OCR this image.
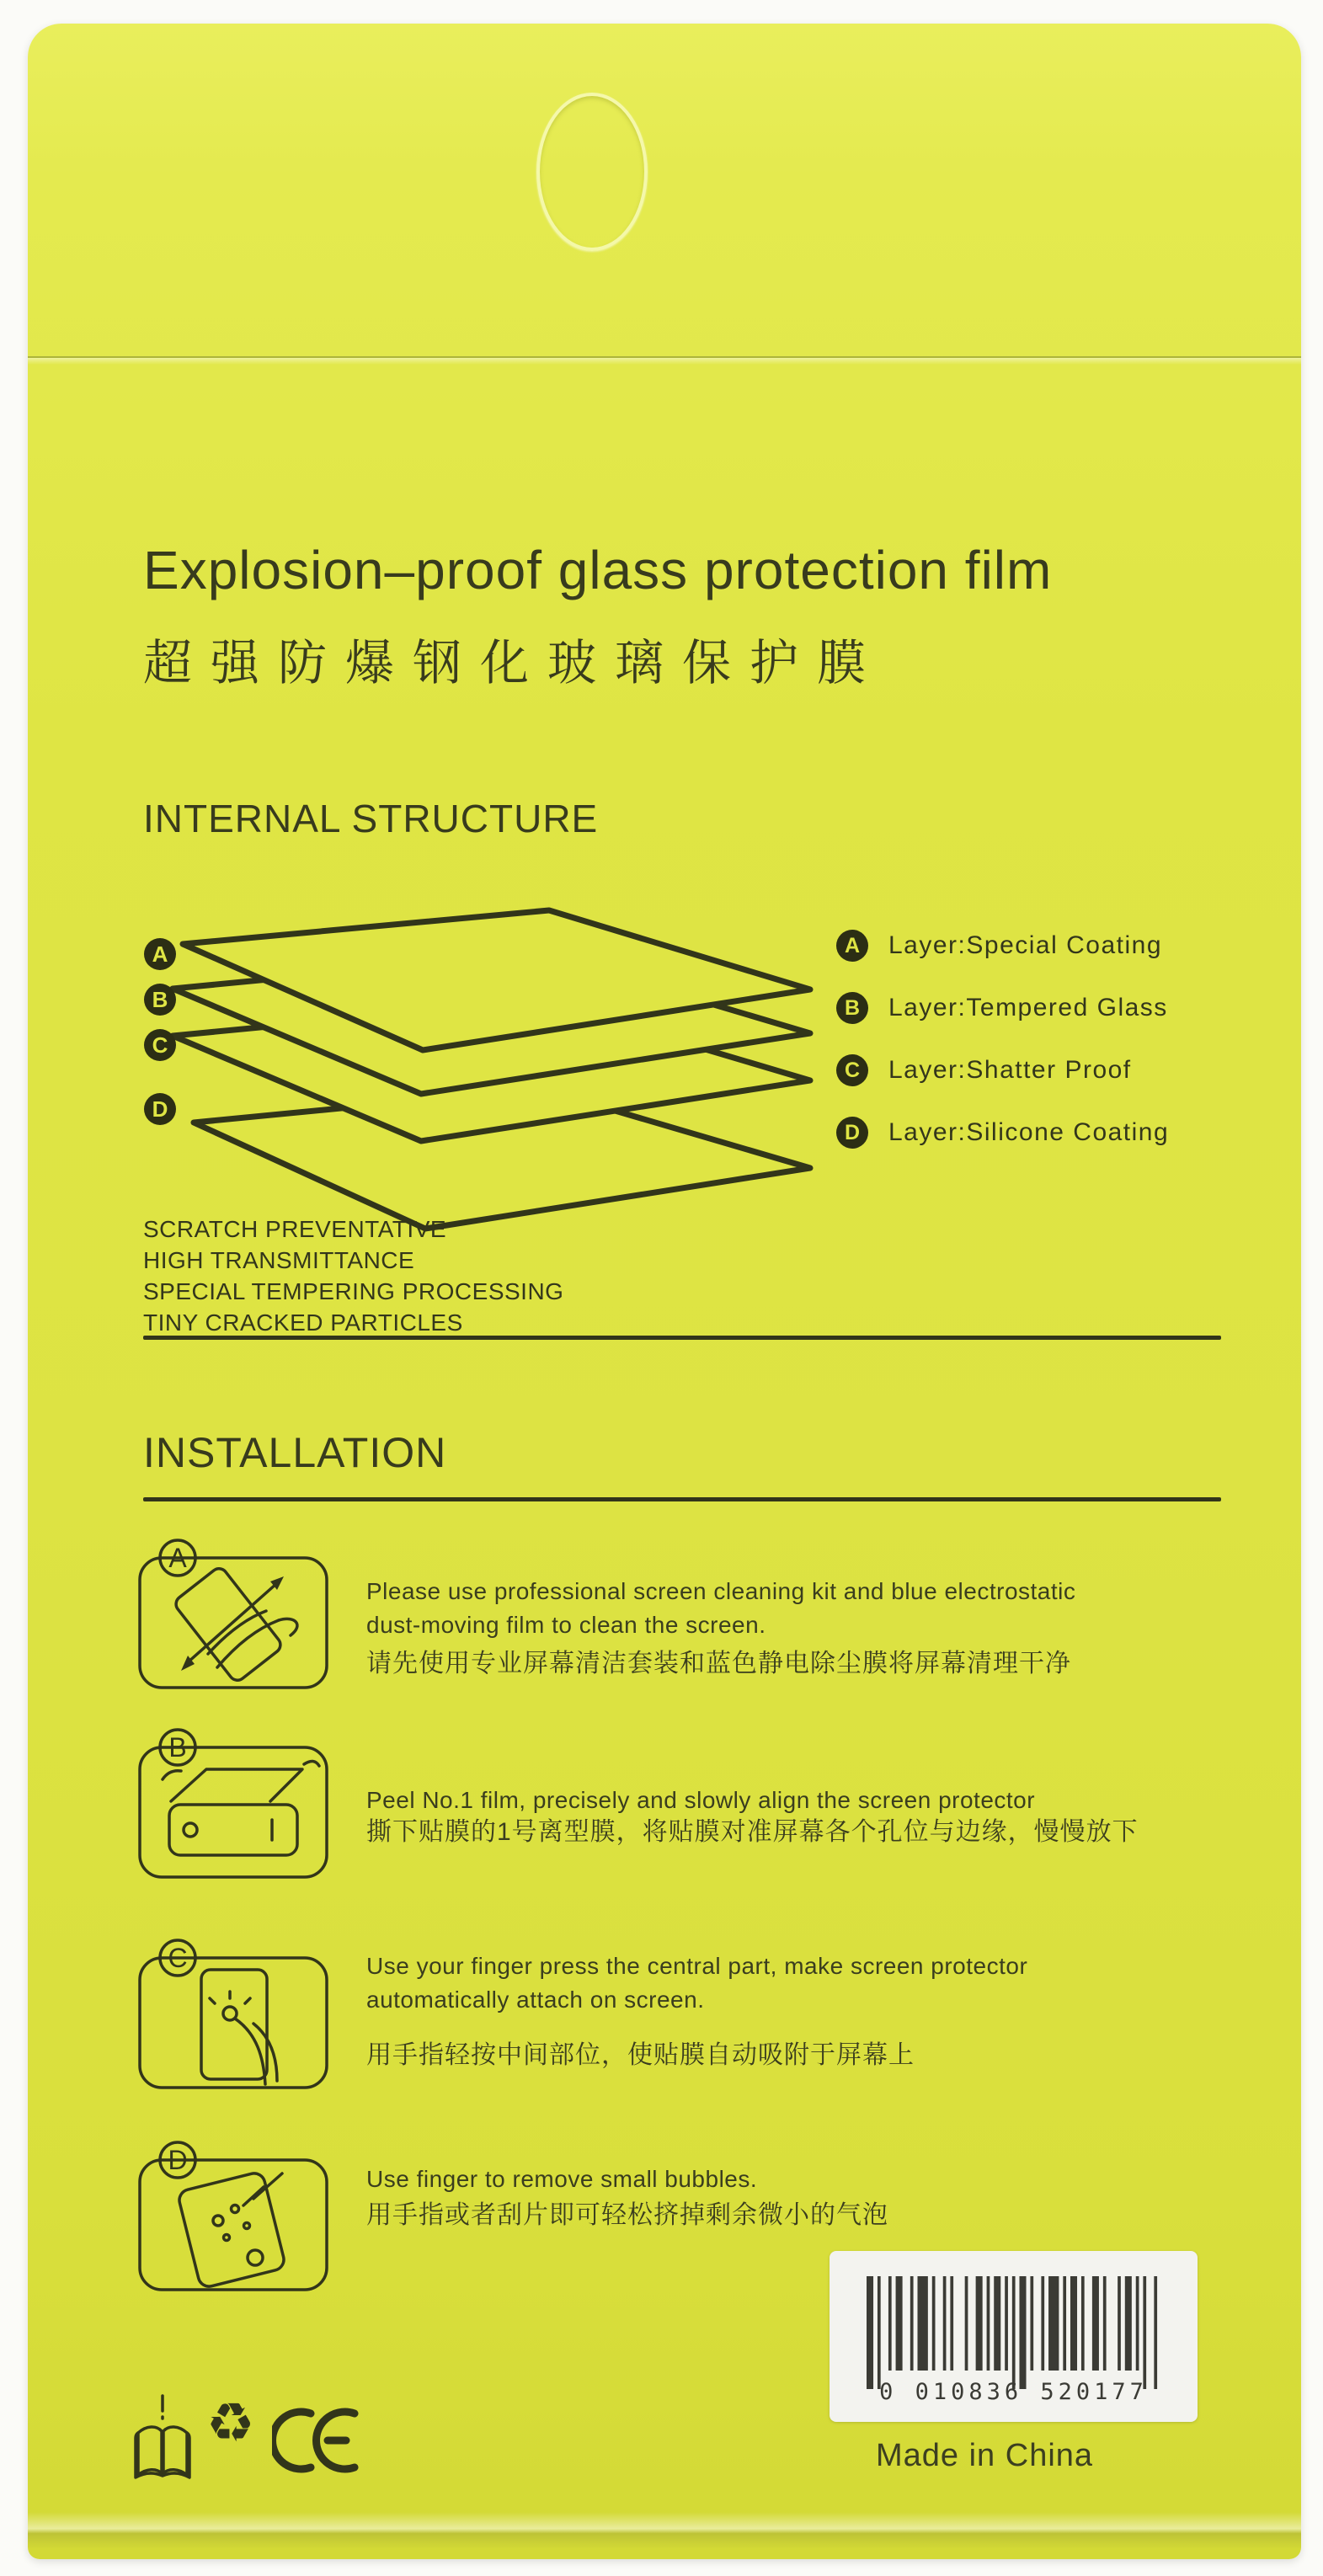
Explosion–proof glass protection film
超强防爆钢化玻璃保护膜
INTERNAL STRUCTURE
A
B
C
D
A	Layer:Special Coating
B	Layer:Tempered Glass
C	Layer:Shatter Proof
D	Layer:Silicone Coating
SCRATCH PREVENTATIVE
HIGH TRANSMITTANCE
SPECIAL TEMPERING PROCESSING
TINY CRACKED PARTICLES
INSTALLATION
A
Please use professional screen cleaning kit and blue electrostatic
dust-moving film to clean the screen.
请先使用专业屏幕清洁套装和蓝色静电除尘膜将屏幕清理干净
B
Peel No.1 film, precisely and slowly align the screen protector
撕下贴膜的1号离型膜，将贴膜对准屏幕各个孔位与边缘，慢慢放下
C	Use your finger press the central part, make screen protector
automatically attach on screen.
用手指轻按中间部位，使贴膜自动吸附于屏幕上
D
Use finger to remove small bubbles.
用手指或者刮片即可轻松挤掉剩余微小的气泡
0 010836 520177
Made in China
♻
